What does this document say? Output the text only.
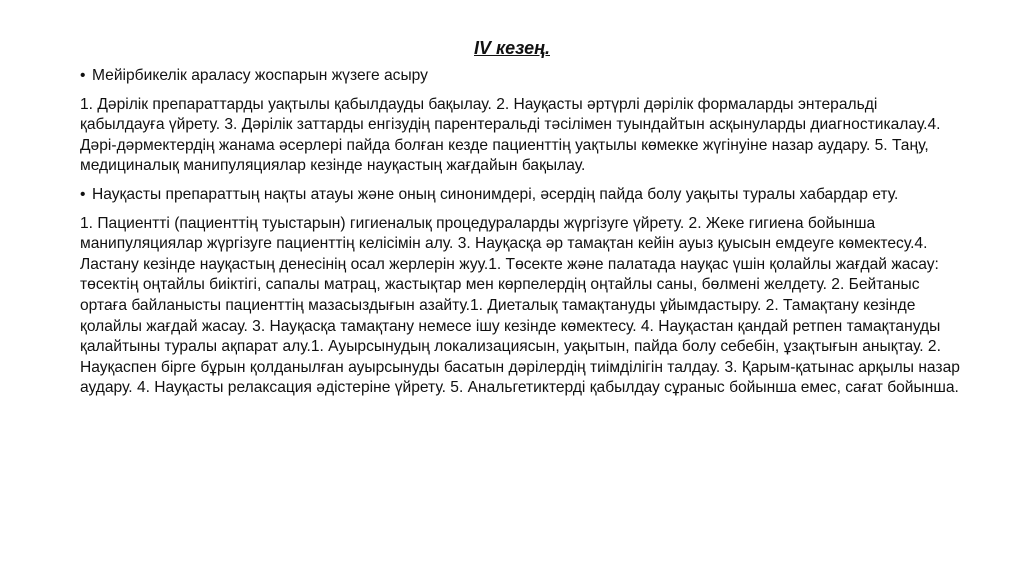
IV кезең.
• Мейірбикелік араласу жоспарын жүзеге асыру

1. Дәрілік препараттарды уақтылы қабылдауды бақылау. 2. Науқасты әртүрлі дәрілік формаларды энтеральді қабылдауға үйрету. 3. Дәрілік заттарды енгізудің парентеральді тәсілімен туындайтын асқынуларды диагностикалау.4. Дәрі-дәрмектердің жанама әсерлері пайда болған кезде пациенттің уақтылы көмекке жүгінуіне назар аудару. 5. Таңу, медициналық манипуляциялар кезінде науқастың жағдайын бақылау.

• Науқасты препараттың нақты атауы және оның синонимдері, әсердің пайда болу уақыты туралы хабардар ету.

1. Пациентті (пациенттің туыстарын) гигиеналық процедураларды жүргізуге үйрету. 2. Жеке гигиена бойынша манипуляциялар жүргізуге пациенттің келісімін алу. 3. Науқасқа әр тамақтан кейін ауыз қуысын емдеуге көмектесу.4. Ластану кезінде науқастың денесінің осал жерлерін жуу.1. Төсекте және палатада науқас үшін қолайлы жағдай жасау: төсектің оңтайлы биіктігі, сапалы матрац, жастықтар мен көрпелердің оңтайлы саны, бөлмені желдету. 2. Бейтаныс ортаға байланысты пациенттің мазасыздығын азайту.1. Диеталық тамақтануды ұйымдастыру. 2. Тамақтану кезінде қолайлы жағдай жасау. 3. Науқасқа тамақтану немесе ішу кезінде көмектесу. 4. Науқастан қандай ретпен тамақтануды қалайтыны туралы ақпарат алу.1. Ауырсынудың локализациясын, уақытын, пайда болу себебін, ұзақтығын анықтау. 2. Науқаспен бірге бұрын қолданылған ауырсынуды басатын дәрілердің тиімділігін талдау. 3. Қарым-қатынас арқылы назар аудару. 4. Науқасты релаксация әдістеріне үйрету. 5. Анальгетиктерді қабылдау сұраныс бойынша емес, сағат бойынша.
